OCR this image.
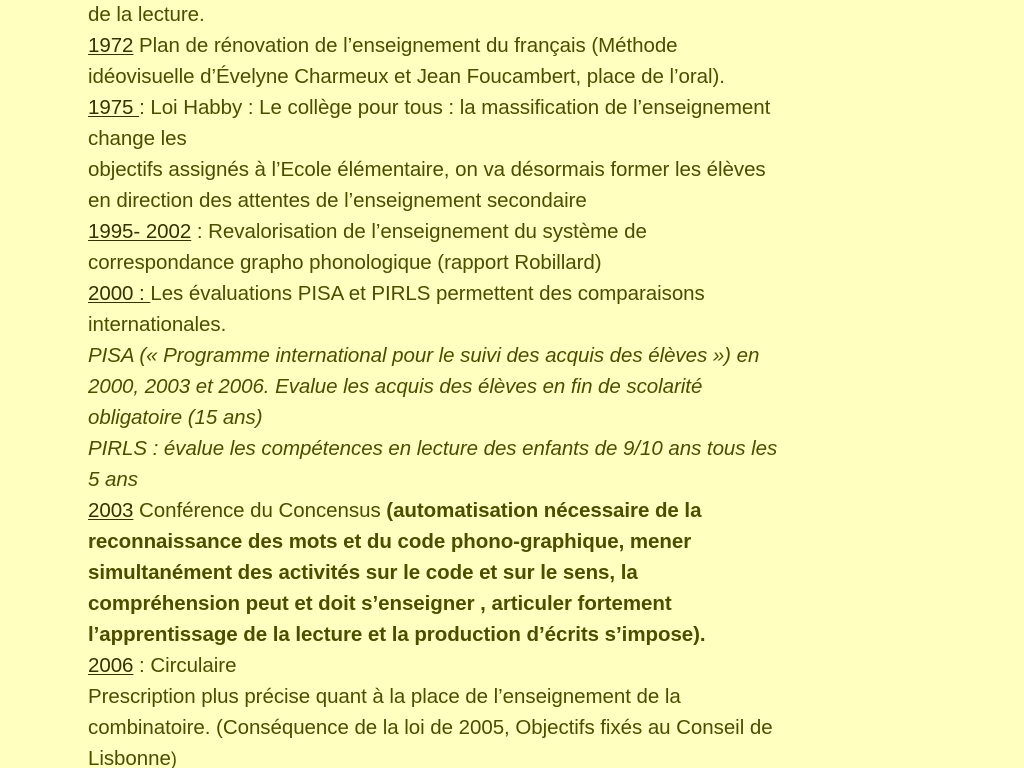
de la lecture.
1972 Plan de rénovation de l’enseignement du français (Méthode
idéovisuelle d’Évelyne Charmeux et Jean Foucambert, place de l’oral).
1975 : Loi Habby : Le collège pour tous : la massification de l’enseignement
change les
objectifs assignés à l’Ecole élémentaire, on va désormais former les élèves
en direction des attentes de l’enseignement secondaire
1995- 2002 : Revalorisation de l’enseignement du système de
correspondance grapho phonologique (rapport Robillard)
2000 : Les évaluations PISA et PIRLS permettent des comparaisons
internationales.
PISA (« Programme international pour le suivi des acquis des élèves ») en
2000, 2003 et 2006. Evalue les acquis des élèves en fin de scolarité
obligatoire (15 ans)
PIRLS : évalue les compétences en lecture des enfants de 9/10 ans tous les
5 ans
2003 Conférence du Concensus (automatisation nécessaire de la
reconnaissance des mots et du code phono-graphique, mener
simultanément des activités sur le code et sur le sens, la
compréhension peut et doit s’enseigner , articuler fortement
l’apprentissage de la lecture et la production d’écrits s’impose).
2006 : Circulaire
Prescription plus précise quant à la place de l’enseignement de la
combinatoire. (Conséquence de la loi de 2005, Objectifs fixés au Conseil de
Lisbonne)
